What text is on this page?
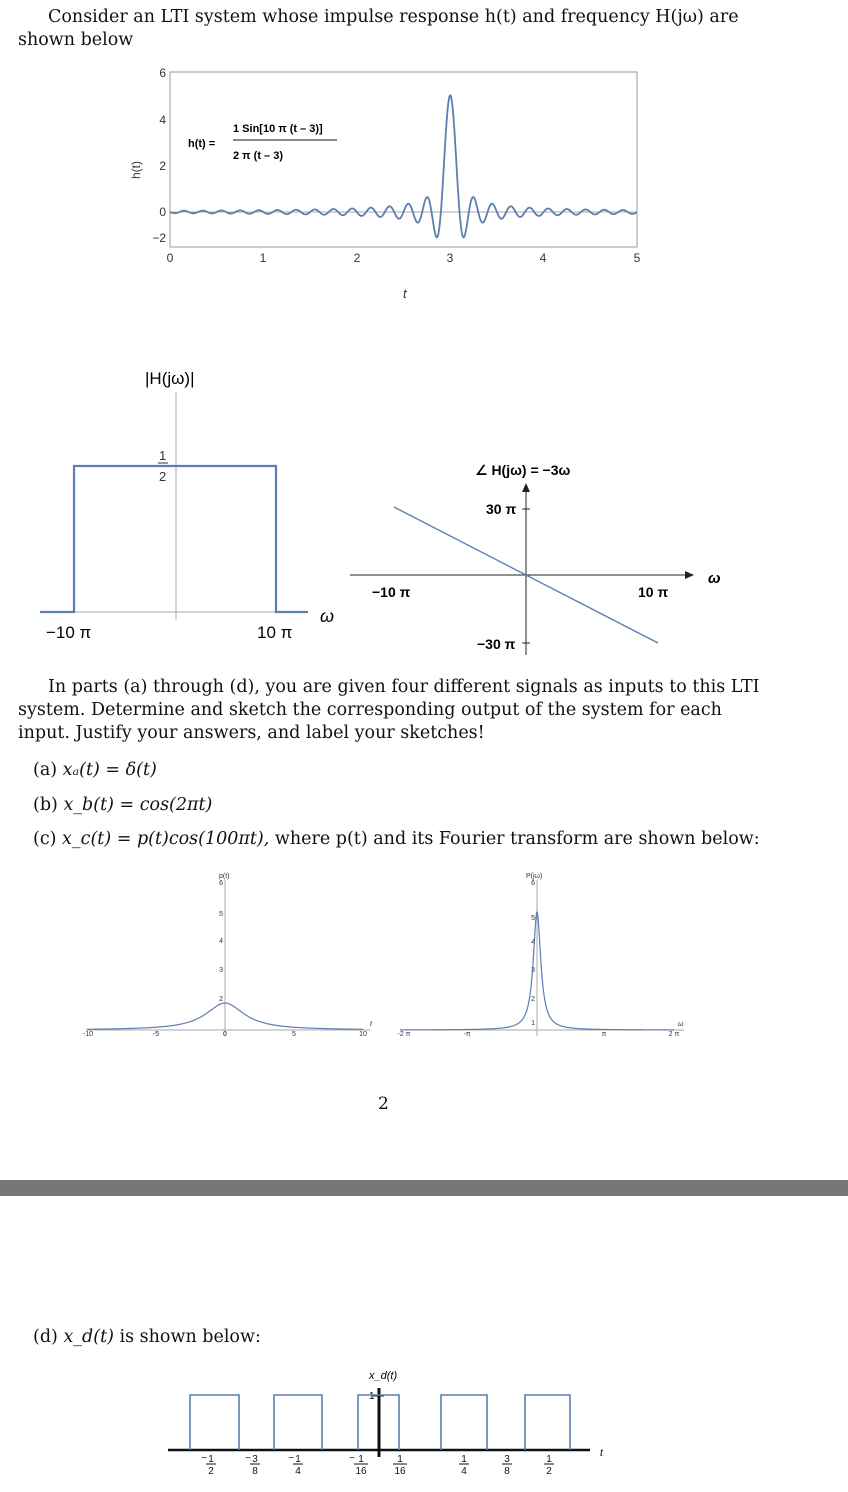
Consider an LTI system whose impulse response h(t) and frequency H(jω) are shown below
6
4
2
0
−2
0	1	2	3	4	5
t
h(t)
h(t) =
1 Sin[10 π (t – 3)]
2 π (t – 3)
|H(jω)|
1
2
−10 π	10 π
ω
∠ H(jω) = −3ω
30 π
−30 π
−10 π	10 π
ω
In parts (a) through (d), you are given four different signals as inputs to this LTI system. Determine and sketch the corresponding output of the system for each input. Justify your answers, and label your sketches!
(a) xₐ(t) = δ(t)
(b) x_b(t) = cos(2πt)
(c) x_c(t) = p(t)cos(100πt), where p(t) and its Fourier transform are shown below:
p(t)
6
5
4
3
2
-10	-5	0	5	10
t
P(jω)
6
5
4
3
2
1
-2 π	-π	π	2 π
ω
2
(d) x_d(t) is shown below:
x_d(t)
1
t
− 1
2
− 3
8
− 1
4
− 1
16
1
16
1
4
3
8
1
2
